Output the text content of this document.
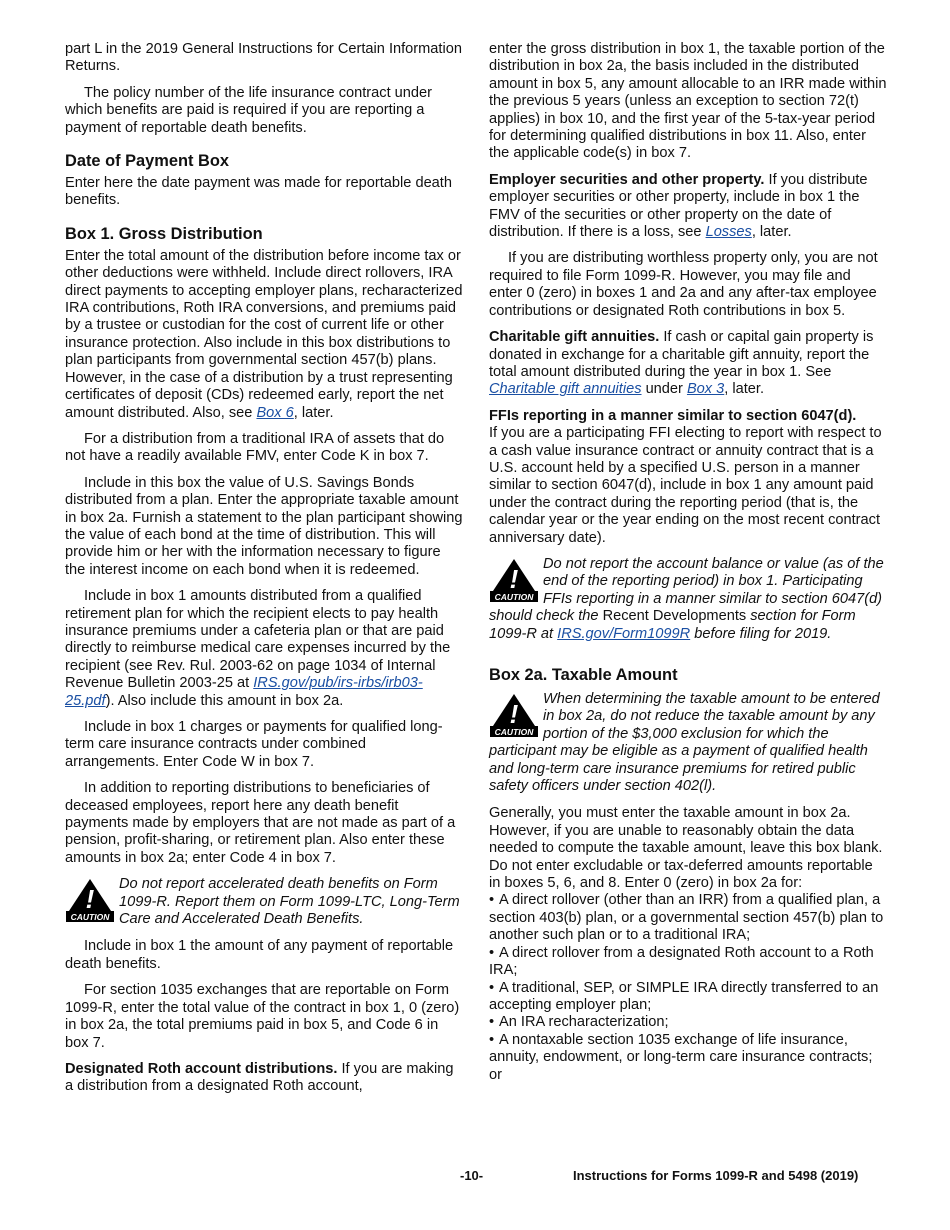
part L in the 2019 General Instructions for Certain Information Returns.

The policy number of the life insurance contract under which benefits are paid is required if you are reporting a payment of reportable death benefits.

Date of Payment Box

Enter here the date payment was made for reportable death benefits.

Box 1. Gross Distribution

Enter the total amount of the distribution before income tax or other deductions were withheld. Include direct rollovers, IRA direct payments to accepting employer plans, recharacterized IRA contributions, Roth IRA conversions, and premiums paid by a trustee or custodian for the cost of current life or other insurance protection. Also include in this box distributions to plan participants from governmental section 457(b) plans. However, in the case of a distribution by a trust representing certificates of deposit (CDs) redeemed early, report the net amount distributed. Also, see Box 6, later.

For a distribution from a traditional IRA of assets that do not have a readily available FMV, enter Code K in box 7.

Include in this box the value of U.S. Savings Bonds distributed from a plan. Enter the appropriate taxable amount in box 2a. Furnish a statement to the plan participant showing the value of each bond at the time of distribution. This will provide him or her with the information necessary to figure the interest income on each bond when it is redeemed.

Include in box 1 amounts distributed from a qualified retirement plan for which the recipient elects to pay health insurance premiums under a cafeteria plan or that are paid directly to reimburse medical care expenses incurred by the recipient (see Rev. Rul. 2003-62 on page 1034 of Internal Revenue Bulletin 2003-25 at IRS.gov/pub/irs-irbs/irb03-25.pdf). Also include this amount in box 2a.

Include in box 1 charges or payments for qualified long-term care insurance contracts under combined arrangements. Enter Code W in box 7.

In addition to reporting distributions to beneficiaries of deceased employees, report here any death benefit payments made by employers that are not made as part of a pension, profit-sharing, or retirement plan. Also enter these amounts in box 2a; enter Code 4 in box 7.

!
CAUTION
Do not report accelerated death benefits on Form 1099-R. Report them on Form 1099-LTC, Long-Term Care and Accelerated Death Benefits.

Include in box 1 the amount of any payment of reportable death benefits.

For section 1035 exchanges that are reportable on Form 1099-R, enter the total value of the contract in box 1, 0 (zero) in box 2a, the total premiums paid in box 5, and Code 6 in box 7.

Designated Roth account distributions. If you are making a distribution from a designated Roth account,

enter the gross distribution in box 1, the taxable portion of the distribution in box 2a, the basis included in the distributed amount in box 5, any amount allocable to an IRR made within the previous 5 years (unless an exception to section 72(t) applies) in box 10, and the first year of the 5-tax-year period for determining qualified distributions in box 11. Also, enter the applicable code(s) in box 7.

Employer securities and other property. If you distribute employer securities or other property, include in box 1 the FMV of the securities or other property on the date of distribution. If there is a loss, see Losses, later.

If you are distributing worthless property only, you are not required to file Form 1099-R. However, you may file and enter 0 (zero) in boxes 1 and 2a and any after-tax employee contributions or designated Roth contributions in box 5.

Charitable gift annuities. If cash or capital gain property is donated in exchange for a charitable gift annuity, report the total amount distributed during the year in box 1. See Charitable gift annuities under Box 3, later.

FFIs reporting in a manner similar to section 6047(d).
If you are a participating FFI electing to report with respect to a cash value insurance contract or annuity contract that is a U.S. account held by a specified U.S. person in a manner similar to section 6047(d), include in box 1 any amount paid under the contract during the reporting period (that is, the calendar year or the year ending on the most recent contract anniversary date).

!
CAUTION
Do not report the account balance or value (as of the end of the reporting period) in box 1. Participating FFIs reporting in a manner similar to section 6047(d) should check the Recent Developments section for Form 1099-R at IRS.gov/Form1099R before filing for 2019.
Box 2a. Taxable Amount
!
CAUTION
When determining the taxable amount to be entered in box 2a, do not reduce the taxable amount by any portion of the $3,000 exclusion for which the participant may be eligible as a payment of qualified health and long-term care insurance premiums for retired public safety officers under section 402(l).

Generally, you must enter the taxable amount in box 2a. However, if you are unable to reasonably obtain the data needed to compute the taxable amount, leave this box blank. Do not enter excludable or tax-deferred amounts reportable in boxes 5, 6, and 8. Enter 0 (zero) in box 2a for:

• A direct rollover (other than an IRR) from a qualified plan, a section 403(b) plan, or a governmental section 457(b) plan to another such plan or to a traditional IRA;

• A direct rollover from a designated Roth account to a Roth IRA;

• A traditional, SEP, or SIMPLE IRA directly transferred to an accepting employer plan;

• An IRA recharacterization;

• A nontaxable section 1035 exchange of life insurance, annuity, endowment, or long-term care insurance contracts; or

-10-	Instructions for Forms 1099-R and 5498 (2019)
